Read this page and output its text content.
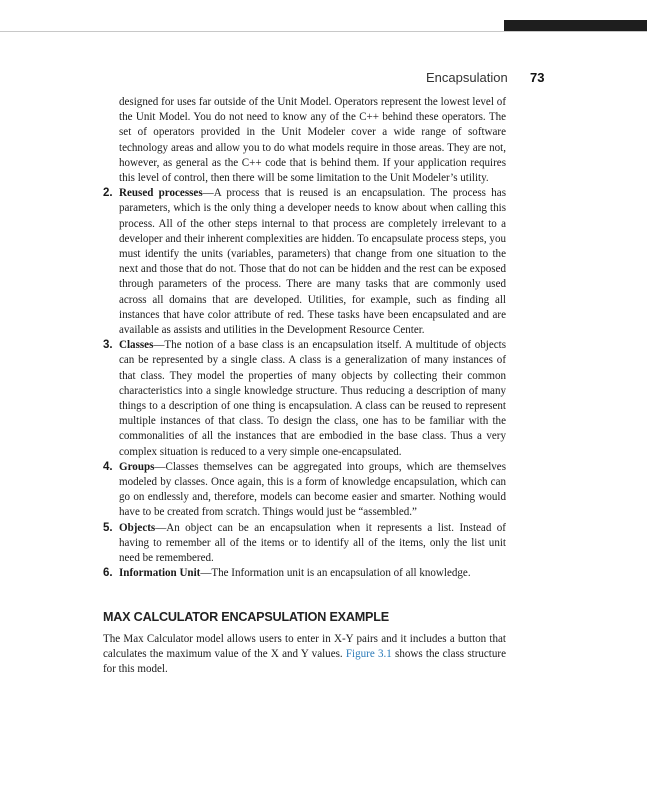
Encapsulation 73

designed for uses far outside of the Unit Model. Operators represent the lowest level of the Unit Model. You do not need to know any of the C++ behind these operators. The set of operators provided in the Unit Modeler cover a wide range of software technology areas and allow you to do what models require in those areas. They are not, however, as general as the C++ code that is behind them. If your application requires this level of control, then there will be some limitation to the Unit Modeler’s utility.

2. Reused processes—A process that is reused is an encapsulation. The process has parameters, which is the only thing a developer needs to know about when calling this process. All of the other steps internal to that process are completely irrelevant to a developer and their inherent complexities are hidden. To encapsulate process steps, you must identify the units (variables, parameters) that change from one situation to the next and those that do not. Those that do not can be hidden and the rest can be exposed through parameters of the process. There are many tasks that are commonly used across all domains that are developed. Utilities, for example, such as finding all instances that have color attribute of red. These tasks have been encapsulated and are available as assists and utilities in the Development Resource Center.

3. Classes—The notion of a base class is an encapsulation itself. A multitude of objects can be represented by a single class. A class is a generalization of many instances of that class. They model the properties of many objects by collecting their common characteristics into a single knowledge structure. Thus reducing a description of many things to a description of one thing is encapsulation. A class can be reused to represent multiple instances of that class. To design the class, one has to be familiar with the commonalities of all the instances that are embodied in the base class. Thus a very complex situation is reduced to a very simple one-encapsulated.

4. Groups—Classes themselves can be aggregated into groups, which are themselves modeled by classes. Once again, this is a form of knowledge encapsulation, which can go on endlessly and, therefore, models can become easier and smarter. Nothing would have to be created from scratch. Things would just be “assembled.”

5. Objects—An object can be an encapsulation when it represents a list. Instead of having to remember all of the items or to identify all of the items, only the list unit need be remembered.

6. Information Unit—The Information unit is an encapsulation of all knowledge.

MAX CALCULATOR ENCAPSULATION EXAMPLE

The Max Calculator model allows users to enter in X-Y pairs and it includes a button that calculates the maximum value of the X and Y values. Figure 3.1 shows the class structure for this model.
